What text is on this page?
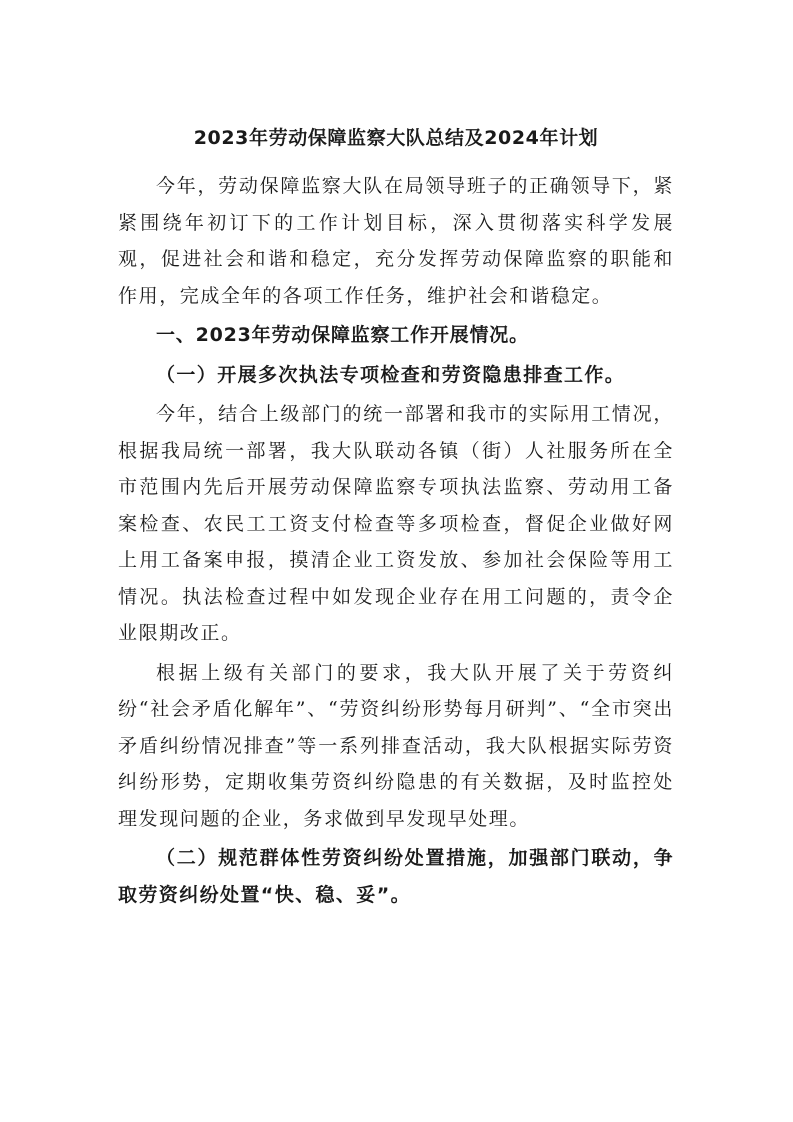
2023年劳动保障监察大队总结及2024年计划

今年，劳动保障监察大队在局领导班子的正确领导下，紧紧围绕年初订下的工作计划目标，深入贯彻落实科学发展观，促进社会和谐和稳定，充分发挥劳动保障监察的职能和作用，完成全年的各项工作任务，维护社会和谐稳定。

一、2023年劳动保障监察工作开展情况。

（一）开展多次执法专项检查和劳资隐患排查工作。

今年，结合上级部门的统一部署和我市的实际用工情况，根据我局统一部署，我大队联动各镇（街）人社服务所在全市范围内先后开展劳动保障监察专项执法监察、劳动用工备案检查、农民工工资支付检查等多项检查，督促企业做好网上用工备案申报，摸清企业工资发放、参加社会保险等用工情况。执法检查过程中如发现企业存在用工问题的，责令企业限期改正。

根据上级有关部门的要求，我大队开展了关于劳资纠纷“社会矛盾化解年”、“劳资纠纷形势每月研判”、“全市突出矛盾纠纷情况排查”等一系列排查活动，我大队根据实际劳资纠纷形势，定期收集劳资纠纷隐患的有关数据，及时监控处理发现问题的企业，务求做到早发现早处理。

（二）规范群体性劳资纠纷处置措施，加强部门联动，争取劳资纠纷处置“快、稳、妥”。
